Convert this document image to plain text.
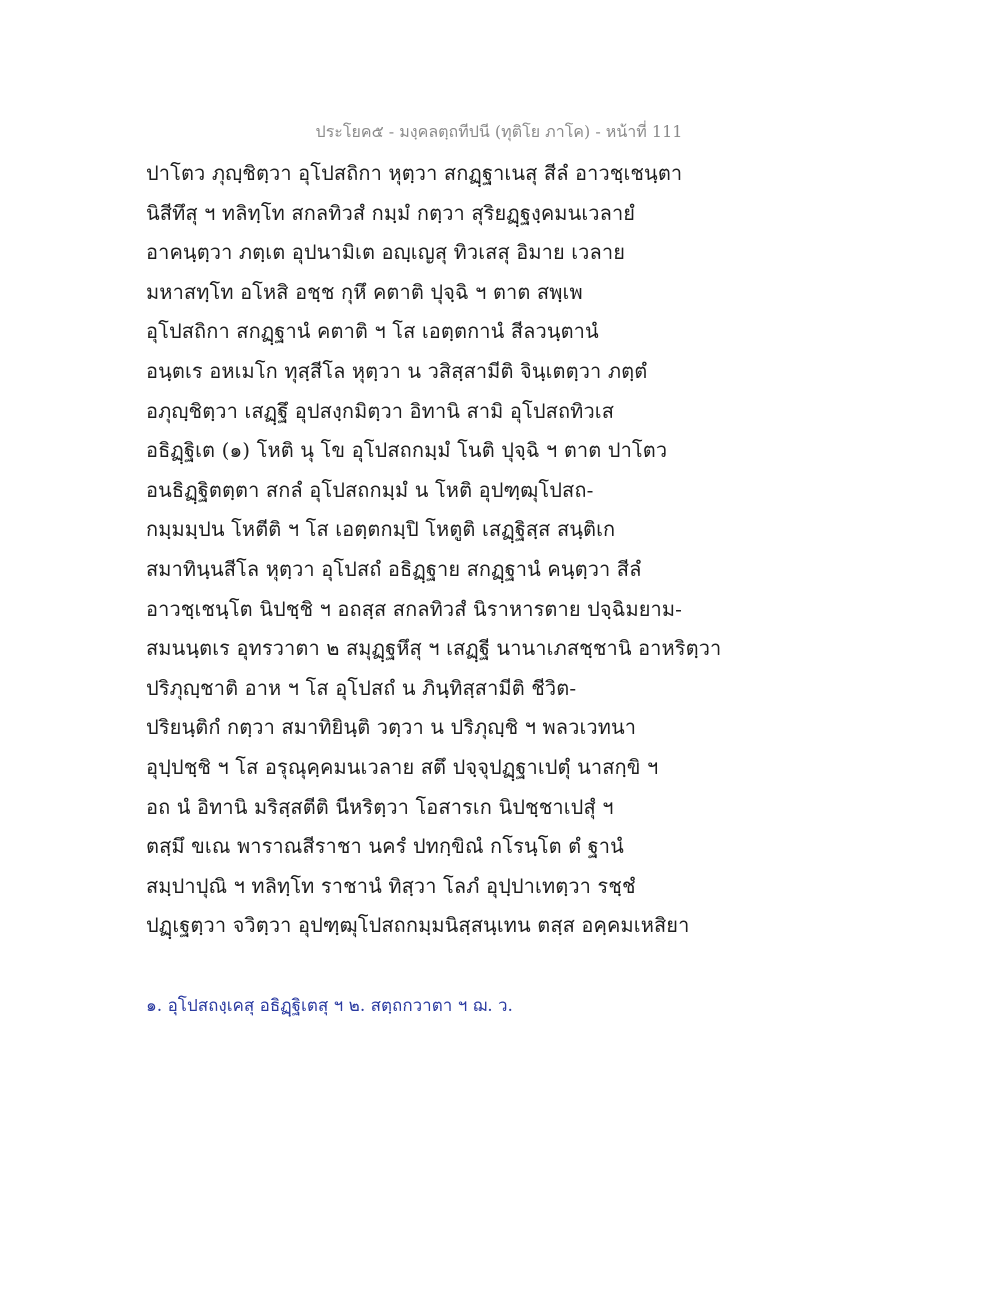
ประโยค๕ - มงฺคลตฺถทีปนี (ทุติโย ภาโค) - หน้าที่ 111
ปาโตว ภุญฺชิตฺวา อุโปสถิกา หุตฺวา สกฏฺฐาเนสุ สีลํ อาวชฺเชนฺตา
นิสีทึสุ ฯ ทลิทฺโท สกลทิวสํ กมฺมํ กตฺวา สุริยฏฺฐงฺคมนเวลายํ
อาคนฺตฺวา ภตฺเต อุปนามิเต อญฺเญสุ ทิวเสสุ อิมาย เวลาย
มหาสทฺโท อโหสิ อชฺช กุหึ คตาติ ปุจฺฉิ ฯ ตาต สพฺเพ
อุโปสถิกา สกฏฺฐานํ คตาติ ฯ โส เอตฺตกานํ สีลวนฺตานํ
อนฺตเร อหเมโก ทุสฺสีโล หุตฺวา น วสิสฺสามีติ จินฺเตตฺวา ภตฺตํ
อภุญฺชิตฺวา เสฏฺฐึ อุปสงฺกมิตฺวา อิทานิ สามิ อุโปสถทิวเส
อธิฏฺฐิเต (๑) โหติ นุ โข อุโปสถกมฺมํ โนติ ปุจฺฉิ ฯ ตาต ปาโตว
อนธิฏฺฐิตตฺตา สกลํ อุโปสถกมฺมํ น โหติ อุปฑฺฒุโปสถ-
กมฺมมฺปน โหตีติ ฯ โส เอตฺตกมฺปิ โหตูติ เสฏฺฐิสฺส สนฺติเก
สมาทินฺนสีโล หุตฺวา อุโปสถํ อธิฏฺฐาย สกฏฺฐานํ คนฺตฺวา สีลํ
อาวชฺเชนฺโต นิปชฺชิ ฯ อถสฺส สกลทิวสํ นิราหารตาย ปจฺฉิมยาม-
สมนนฺตเร อุทรวาตา ๒ สมุฏฺฐหึสุ ฯ เสฏฺฐี นานาเภสชฺชานิ อาหริตฺวา
ปริภุญฺชาติ อาห ฯ โส อุโปสถํ น ภินฺทิสฺสามีติ ชีวิต-
ปริยนฺติกํ กตฺวา สมาทิยินฺติ วตฺวา น ปริภุญฺชิ ฯ พลวเวทนา
อุปฺปชฺชิ ฯ โส อรุณุคฺคมนเวลาย สตึ ปจฺจุปฏฺฐาเปตุํ นาสกฺขิ ฯ
อถ นํ อิทานิ มริสฺสตีติ นีหริตฺวา โอสารเก นิปชฺชาเปสุํ ฯ
ตสฺมึ ขเณ พาราณสีราชา นครํ ปทกฺขิณํ กโรนฺโต ตํ ฐานํ
สมฺปาปุณิ ฯ ทลิทฺโท ราชานํ ทิสฺวา โลภํ อุปฺปาเทตฺวา รชฺชํ
ปฏฺเฐตฺวา จวิตฺวา อุปฑฺฒุโปสถกมฺมนิสฺสนฺเทน ตสฺส อคฺคมเหสิยา
๑. อุโปสถงฺเคสุ อธิฏฺฐิเตสุ ฯ ๒. สตฺถกวาตา ฯ ฌ. ว.
